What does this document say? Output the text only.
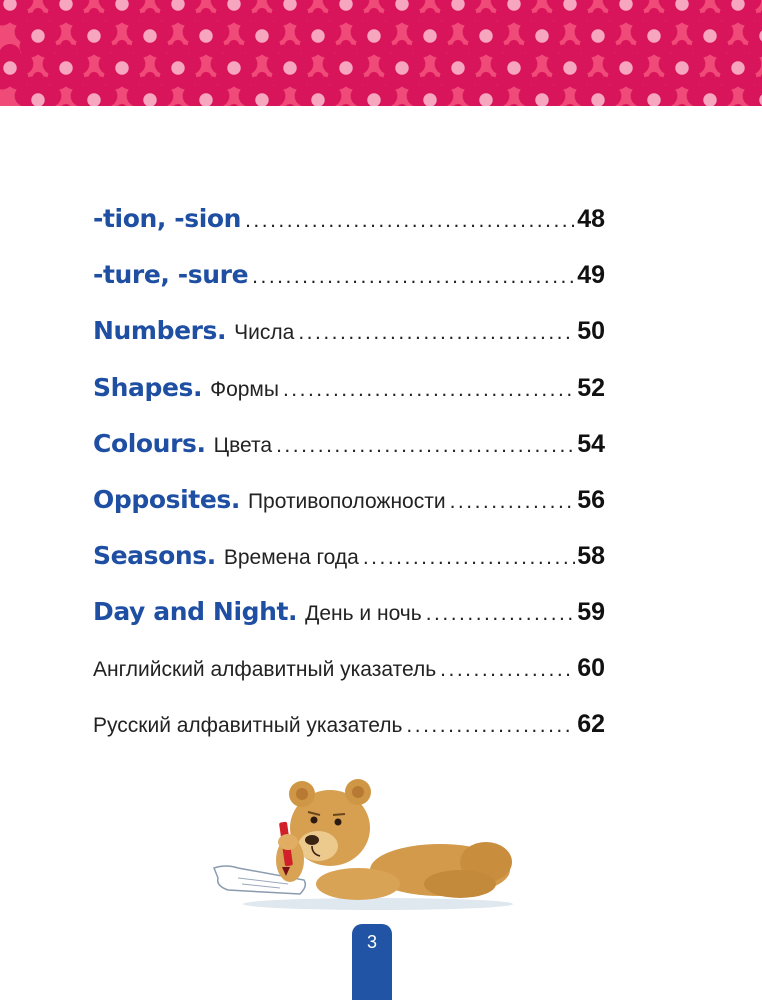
-tion, -sion .....	48
-ture, -sure .....	49
Numbers. Числа .....	50
Shapes. Формы .....	52
Colours. Цвета .....	54
Opposites. Противоположности .....	56
Seasons. Времена года .....	58
Day and Night. День и ночь .....	59
Английский алфавитный указатель .....	60
Русский алфавитный указатель .....	62
3
